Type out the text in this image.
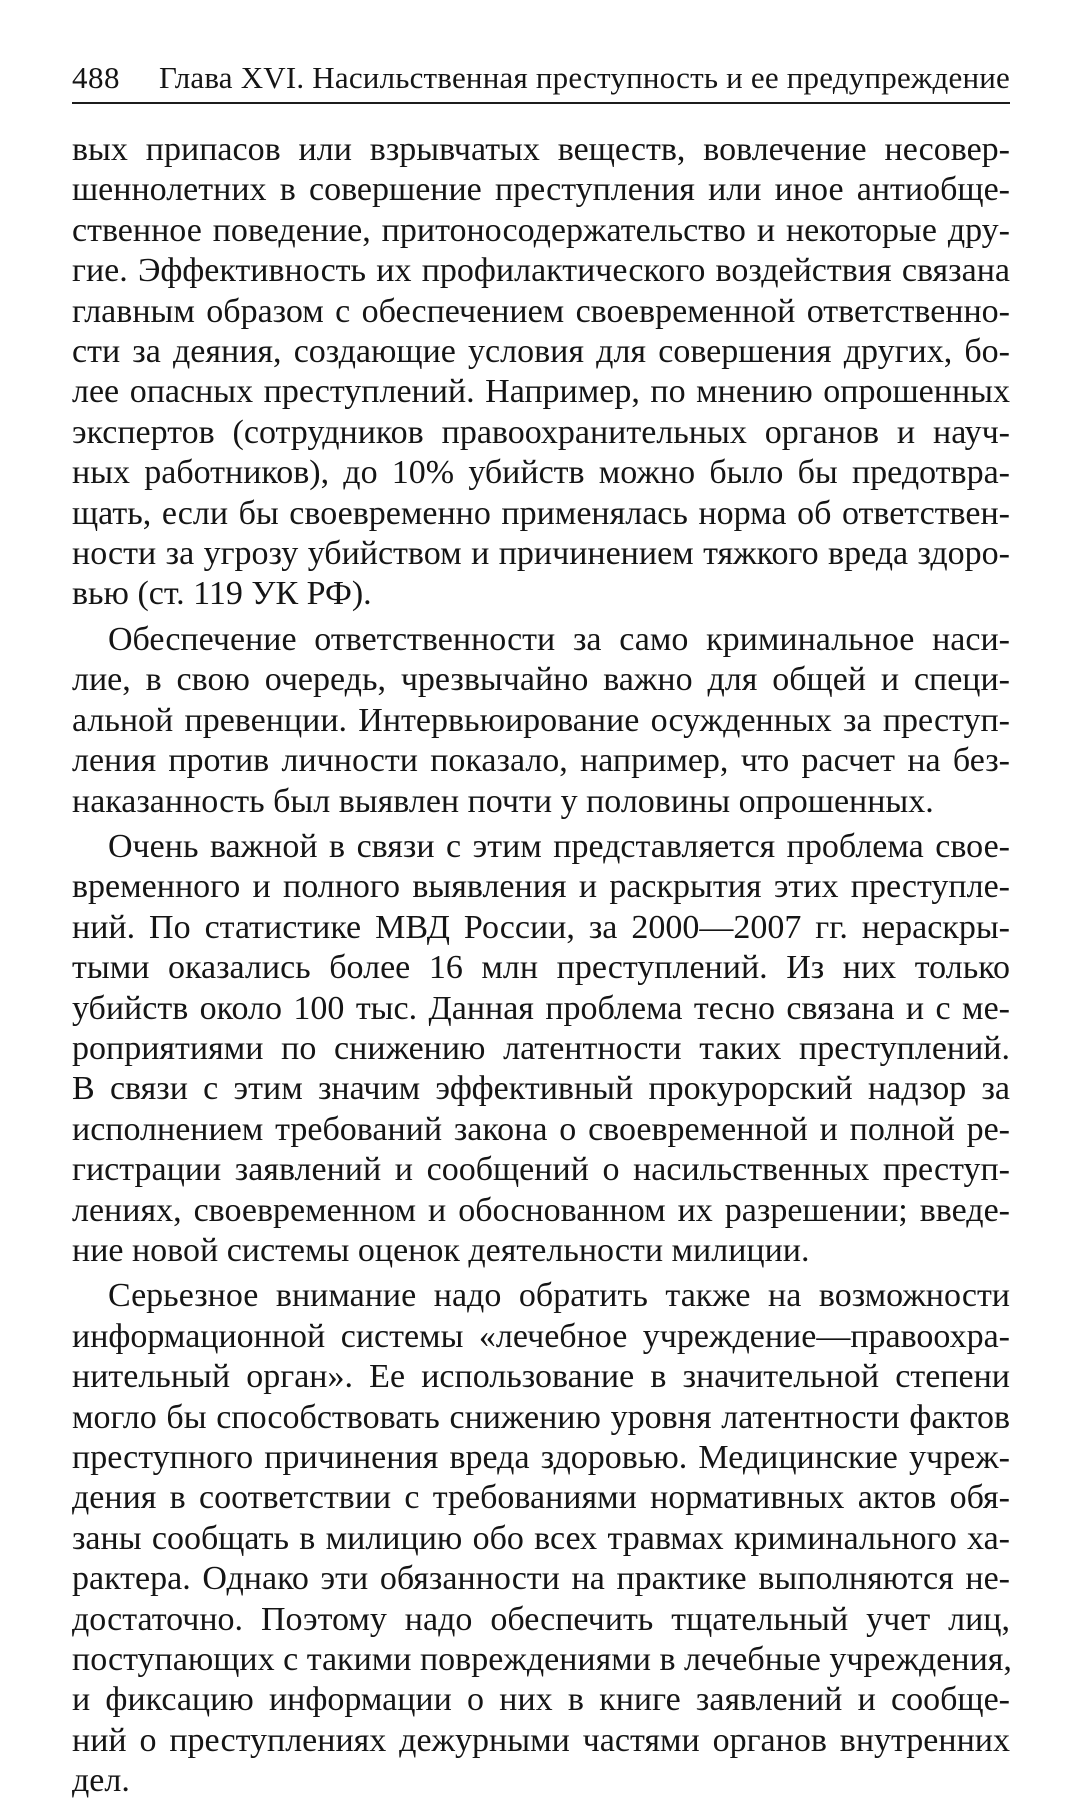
488 Глава XVI. Насильственная преступность и ее предупреждение

вых припасов или взрывчатых веществ, вовлечение несовер-
шеннолетних в совершение преступления или иное антиобще-
ственное поведение, притоносодержательство и некоторые дру-
гие. Эффективность их профилактического воздействия связана
главным образом с обеспечением своевременной ответственно-
сти за деяния, создающие условия для совершения других, бо-
лее опасных преступлений. Например, по мнению опрошенных
экспертов (сотрудников правоохранительных органов и науч-
ных работников), до 10% убийств можно было бы предотвра-
щать, если бы своевременно применялась норма об ответствен-
ности за угрозу убийством и причинением тяжкого вреда здоро-
вью (ст. 119 УК РФ).

Обеспечение ответственности за само криминальное наси-
лие, в свою очередь, чрезвычайно важно для общей и специ-
альной превенции. Интервьюирование осужденных за преступ-
ления против личности показало, например, что расчет на без-
наказанность был выявлен почти у половины опрошенных.

Очень важной в связи с этим представляется проблема свое-
временного и полного выявления и раскрытия этих преступле-
ний. По статистике МВД России, за 2000—2007 гг. нераскры-
тыми оказались более 16 млн преступлений. Из них только
убийств около 100 тыс. Данная проблема тесно связана и с ме-
роприятиями по снижению латентности таких преступлений.
В связи с этим значим эффективный прокурорский надзор за
исполнением требований закона о своевременной и полной ре-
гистрации заявлений и сообщений о насильственных преступ-
лениях, своевременном и обоснованном их разрешении; введе-
ние новой системы оценок деятельности милиции.

Серьезное внимание надо обратить также на возможности
информационной системы «лечебное учреждение—правоохра-
нительный орган». Ее использование в значительной степени
могло бы способствовать снижению уровня латентности фактов
преступного причинения вреда здоровью. Медицинские учреж-
дения в соответствии с требованиями нормативных актов обя-
заны сообщать в милицию обо всех травмах криминального ха-
рактера. Однако эти обязанности на практике выполняются не-
достаточно. Поэтому надо обеспечить тщательный учет лиц,
поступающих с такими повреждениями в лечебные учреждения,
и фиксацию информации о них в книге заявлений и сообще-
ний о преступлениях дежурными частями органов внутренних
дел.
